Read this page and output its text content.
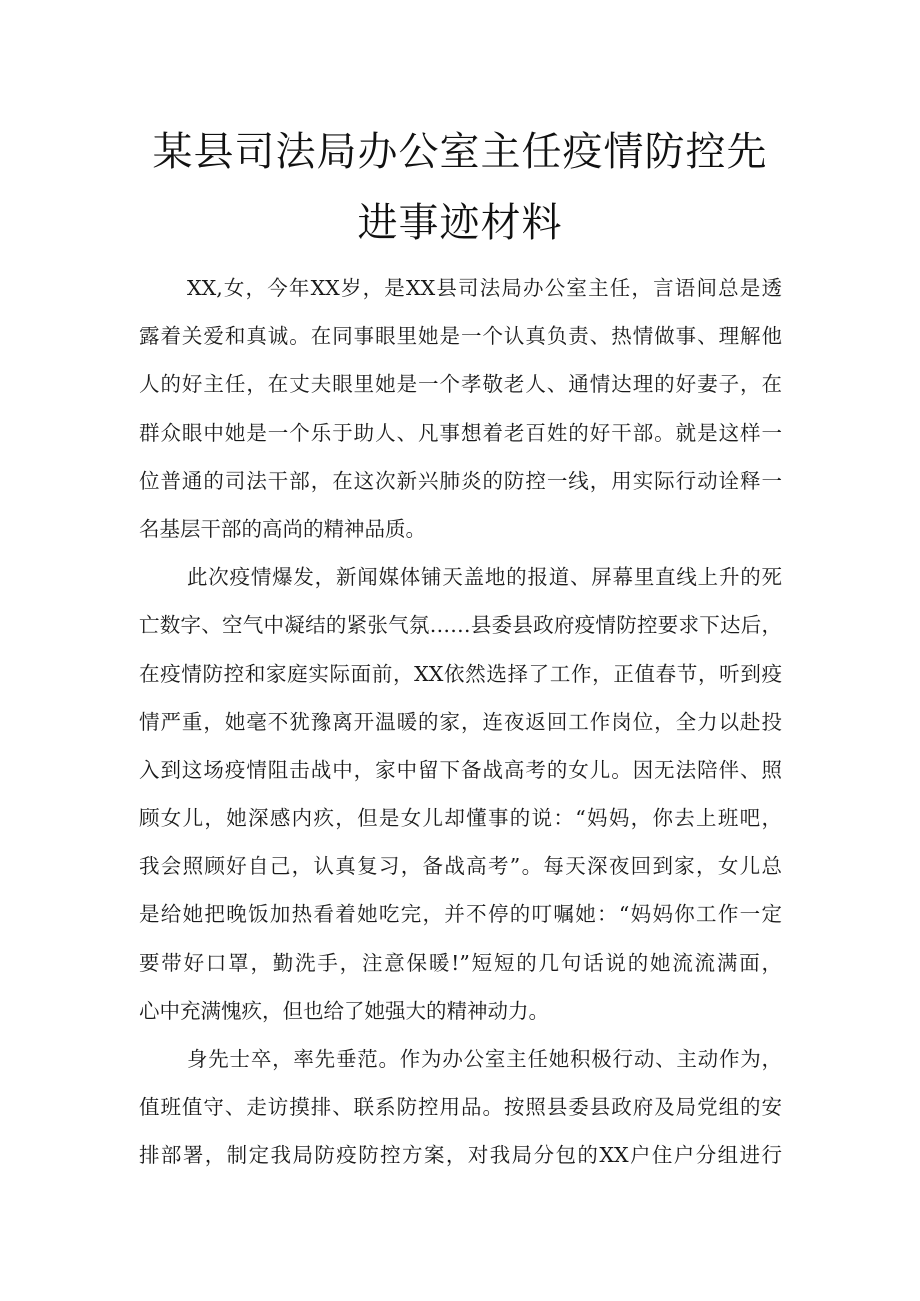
某县司法局办公室主任疫情防控先
进事迹材料
XX,女，今年XX岁，是XX县司法局办公室主任，言语间总是透
露着关爱和真诚。在同事眼里她是一个认真负责、热情做事、理解他
人的好主任，在丈夫眼里她是一个孝敬老人、通情达理的好妻子，在
群众眼中她是一个乐于助人、凡事想着老百姓的好干部。就是这样一
位普通的司法干部，在这次新兴肺炎的防控一线，用实际行动诠释一
名基层干部的高尚的精神品质。
此次疫情爆发，新闻媒体铺天盖地的报道、屏幕里直线上升的死
亡数字、空气中凝结的紧张气氛……县委县政府疫情防控要求下达后，
在疫情防控和家庭实际面前，XX依然选择了工作，正值春节，听到疫
情严重，她毫不犹豫离开温暖的家，连夜返回工作岗位，全力以赴投
入到这场疫情阻击战中，家中留下备战高考的女儿。因无法陪伴、照
顾女儿，她深感内疚，但是女儿却懂事的说：“妈妈，你去上班吧，
我会照顾好自己，认真复习，备战高考”。每天深夜回到家，女儿总
是给她把晚饭加热看着她吃完，并不停的叮嘱她：“妈妈你工作一定
要带好口罩，勤洗手，注意保暖!”短短的几句话说的她流流满面，
心中充满愧疚，但也给了她强大的精神动力。
身先士卒，率先垂范。作为办公室主任她积极行动、主动作为，
值班值守、走访摸排、联系防控用品。按照县委县政府及局党组的安
排部署，制定我局防疫防控方案，对我局分包的XX户住户分组进行
